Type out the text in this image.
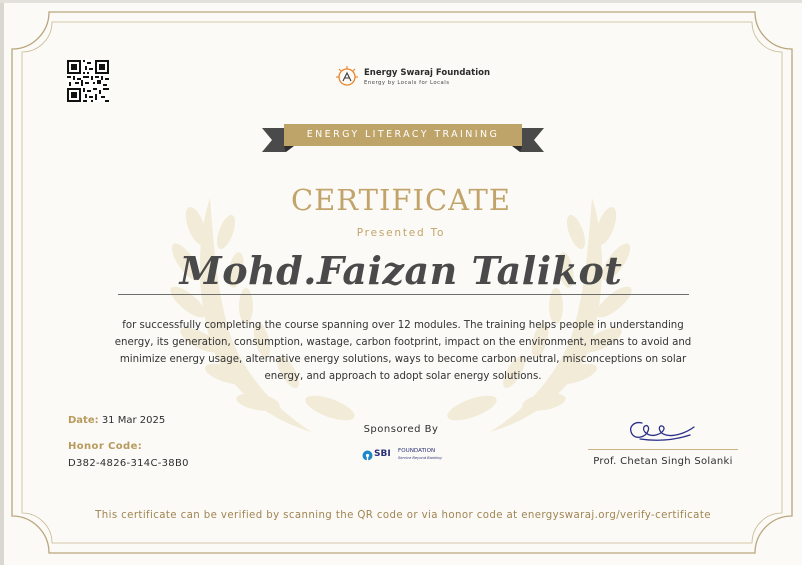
Energy Swaraj Foundation
Energy by Locals for Locals
ENERGY LITERACY TRAINING
CERTIFICATE
Presented To
Mohd.Faizan Talikot
for successfully completing the course spanning over 12 modules. The training helps people in understanding energy, its generation, consumption, wastage, carbon footprint, impact on the environment, means to avoid and minimize energy usage, alternative energy solutions, ways to become carbon neutral, misconceptions on solar energy, and approach to adopt solar energy solutions.
Date: 31 Mar 2025
Honor Code:
D382-4826-314C-38B0
Sponsored By
SBI FOUNDATION
Service Beyond Banking	Prof. Chetan Singh Solanki
This certificate can be verified by scanning the QR code or via honor code at energyswaraj.org/verify-certificate
